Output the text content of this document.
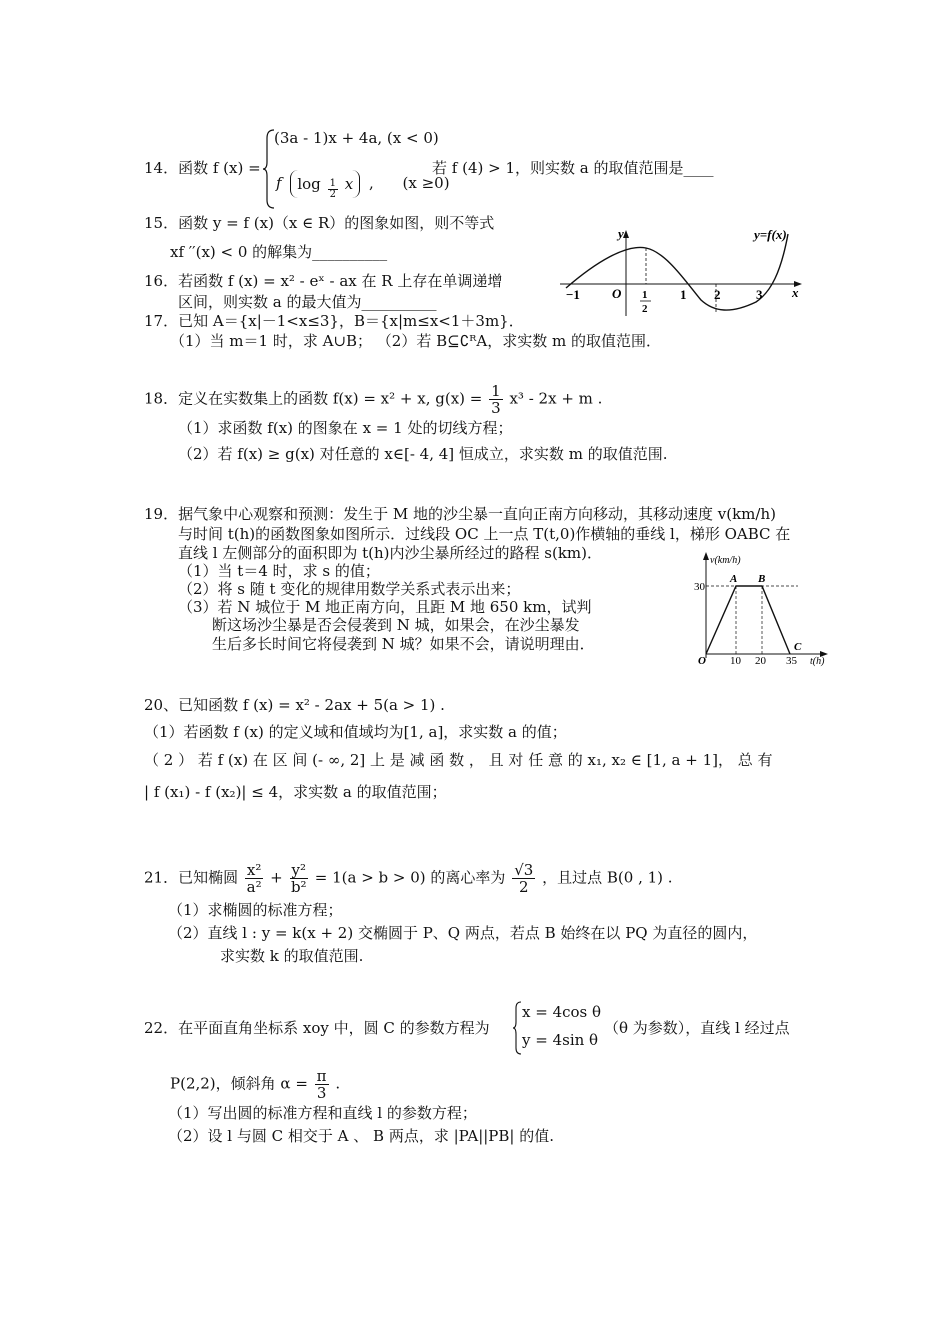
14．函数 f (x) =
(3a - 1)x + 4a, (x < 0)
f $\log \frac{1}{2}$ x , (x ≥0)
若 f (4) > 1，则实数 a 的取值范围是____
15．函数 y = f (x)（x ∈ R）的图象如图，则不等式
xf ′′(x) < 0 的解集为__________
16．若函数 f (x) = x² - eˣ - ax 在 R 上存在单调递增
区间，则实数 a 的最大值为__________
y
x
y=f(x)
O
−1	1 2	3
1
2
17．已知 A＝{x|－1<x≤3}，B＝{x|m≤x<1＋3m}．
（1）当 m＝1 时，求 A∪B； （2）若 B⊆∁ᴿA，求实数 m 的取值范围．
18．定义在实数集上的函数 f(x) = x² + x, $g(x) = \frac{1}{3} x^3 - 2x + m$ .
（1）求函数 f(x) 的图象在 x = 1 处的切线方程；
（2）若 f(x) ≥ g(x) 对任意的 x∈[- 4, 4] 恒成立，求实数 m 的取值范围.
19．据气象中心观察和预测：发生于 M 地的沙尘暴一直向正南方向移动，其移动速度 v(km/h)
与时间 t(h)的函数图象如图所示．过线段 OC 上一点 T(t,0)作横轴的垂线 l，梯形 OABC 在
直线 l 左侧部分的面积即为 t(h)内沙尘暴所经过的路程 s(km)．
（1）当 t＝4 时，求 s 的值；
（2）将 s 随 t 变化的规律用数学关系式表示出来；
（3）若 N 城位于 M 地正南方向，且距 M 地 650 km，试判
断这场沙尘暴是否会侵袭到 N 城，如果会，在沙尘暴发
生后多长时间它将侵袭到 N 城？如果不会，请说明理由．
v(km/h)
t(h)
30
O 10 20 35
A B
C
20、已知函数 f (x) = x² - 2ax + 5(a > 1) .
（1）若函数 f (x) 的定义域和值域均为[1, a]，求实数 a 的值；
（ 2 ） 若 f (x) 在 区 间 (- ∞, 2] 上 是 减 函 数 ， 且 对 任 意 的 x₁, x₂ ∈ [1, a + 1]， 总 有
| f (x₁) - f (x₂)| ≤ 4，求实数 a 的取值范围；
21．已知椭圆 $\frac{\text{x²}}{\text{a²}} + \frac{\text{y²}}{\text{b²}} = 1(a > b > 0)$ 的离心率为 $\frac{√3}{2}$ ，且过点 B(0 , 1) .
（1）求椭圆的标准方程；
（2）直线 l : y = k(x + 2) 交椭圆于 P、Q 两点，若点 B 始终在以 PQ 为直径的圆内，
求实数 k 的取值范围.
22．在平面直角坐标系 xoy 中，圆 C 的参数方程为
x = 4cos θ
y = 4sin θ
（θ 为参数），直线 l 经过点
P(2,2)，倾斜角 $\alpha = \frac{\pi}{3}$ .
（1）写出圆的标准方程和直线 l 的参数方程；
（2）设 l 与圆 C 相交于 A 、 B 两点，求 |PA||PB| 的值.
